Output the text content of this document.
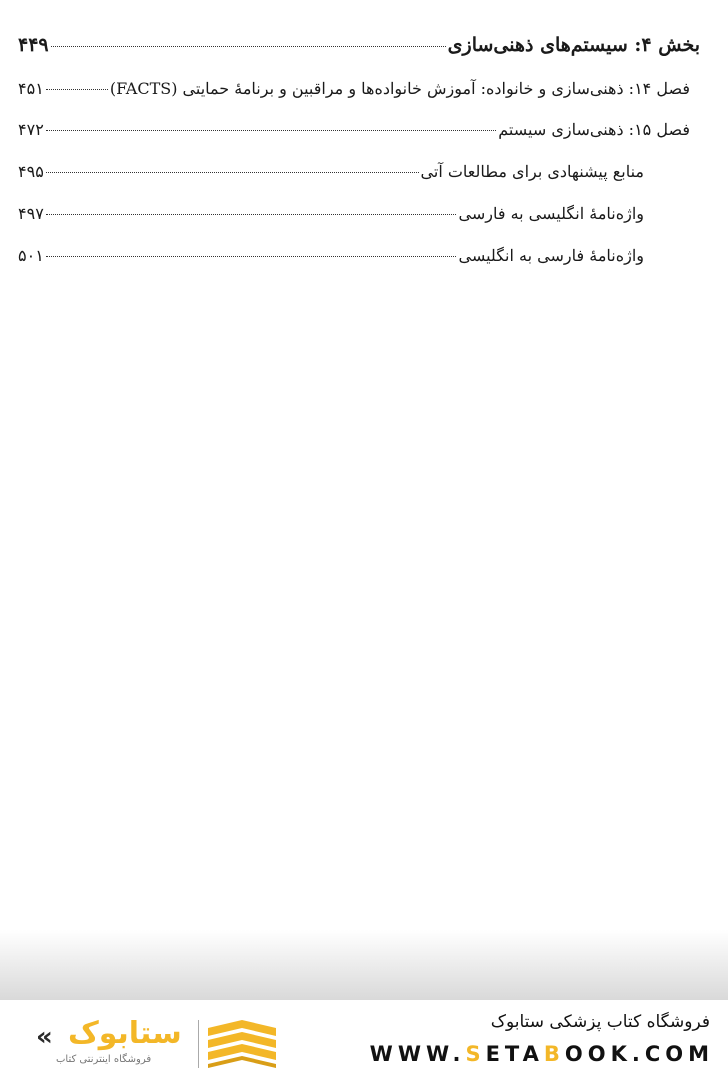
بخش ۴: سیستم‌های ذهنی‌سازی
۴۴۹
فصل ۱۴: ذهنی‌سازی و خانواده: آموزش خانواده‌ها و مراقبین و برنامهٔ حمایتی (FACTS)
۴۵۱
فصل ۱۵: ذهنی‌سازی سیستم
۴۷۲
منابع پیشنهادی برای مطالعات آتی
۴۹۵
واژه‌نامهٔ انگلیسی به فارسی
۴۹۷
واژه‌نامهٔ فارسی به انگلیسی
۵۰۱
فروشگاه کتاب پزشکی ستابوک
WWW.SETABOOK.COM
« ستابوک
فروشگاه اینترنتی کتاب
